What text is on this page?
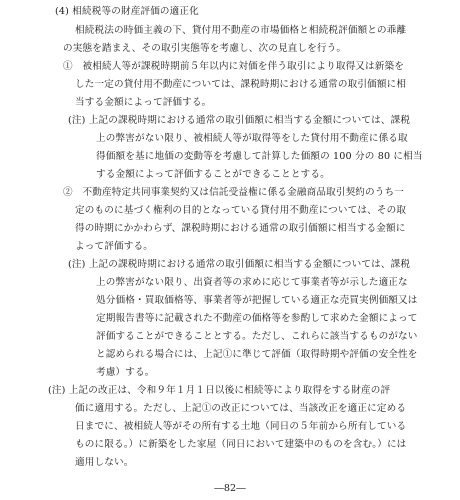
(4) 相続税等の財産評価の適正化
相続税法の時価主義の下、貸付用不動産の市場価格と相続税評価額との乖離
の実態を踏まえ、その取引実態等を考慮し、次の見直しを行う。
①　被相続人等が課税時期前５年以内に対価を伴う取引により取得又は新築を
した一定の貸付用不動産については、課税時期における通常の取引価額に相
当する金額によって評価する。
(注) 上記の課税時期における通常の取引価額に相当する金額については、課税
上の弊害がない限り、被相続人等が取得等をした貸付用不動産に係る取
得価額を基に地価の変動等を考慮して計算した価額の 100 分の 80 に相当
する金額によって評価することができることとする。
②　不動産特定共同事業契約又は信託受益権に係る金融商品取引契約のうち一
定のものに基づく権利の目的となっている貸付用不動産については、その取
得の時期にかかわらず、課税時期における通常の取引価額に相当する金額に
よって評価する。
(注) 上記の課税時期における通常の取引価額に相当する金額については、課税
上の弊害がない限り、出資者等の求めに応じて事業者等が示した適正な
処分価格・買取価格等、事業者等が把握している適正な売買実例価額又は
定期報告書等に記載された不動産の価格等を参酌して求めた金額によって
評価することができることとする。ただし、これらに該当するものがない
と認められる場合には、上記①に準じて評価（取得時期や評価の安全性を
考慮）する。
(注) 上記の改正は、令和９年１月１日以後に相続等により取得をする財産の評
価に適用する。ただし、上記①の改正については、当該改正を適正に定める
日までに、被相続人等がその所有する土地（同日の５年前から所有している
ものに限る。）に新築をした家屋（同日において建築中のものを含む。）には
適用しない。
―82―
